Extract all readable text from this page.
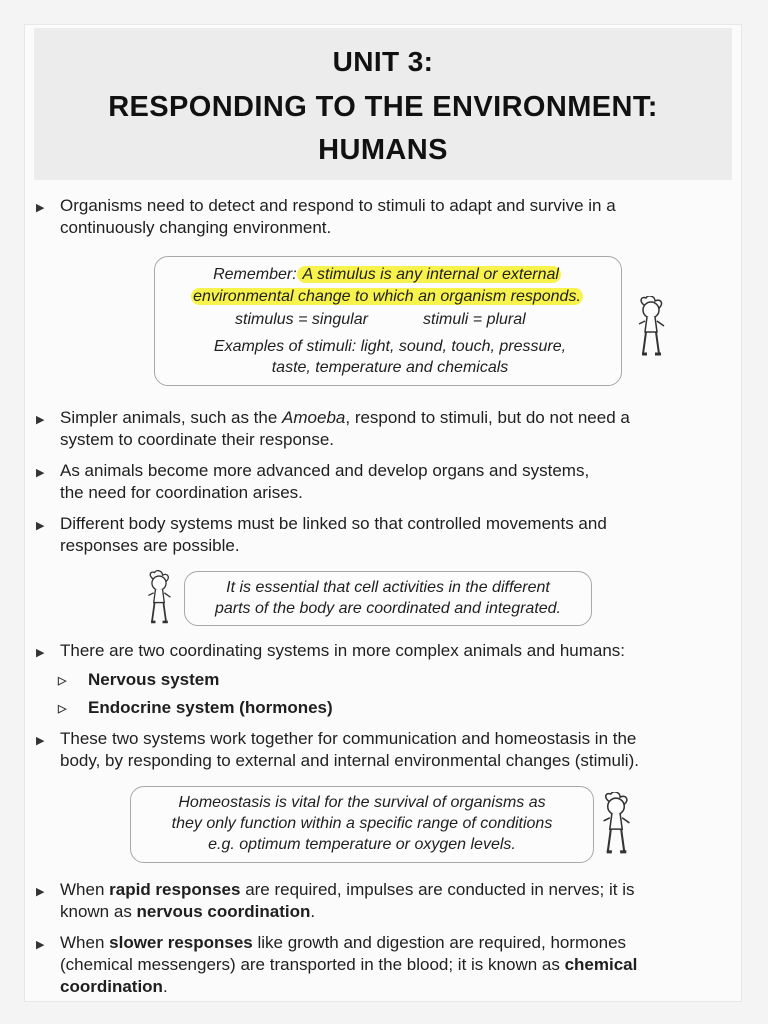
UNIT 3:
RESPONDING TO THE ENVIRONMENT:
HUMANS
▶ Organisms need to detect and respond to stimuli to adapt and survive in a
continuously changing environment.
Remember: A stimulus is any internal or external
environmental change to which an organism responds.
stimulus = singular	stimuli = plural
Examples of stimuli: light, sound, touch, pressure,
taste, temperature and chemicals
▶ Simpler animals, such as the Amoeba, respond to stimuli, but do not need a
system to coordinate their response.
▶ As animals become more advanced and develop organs and systems,
the need for coordination arises.
▶ Different body systems must be linked so that controlled movements and
responses are possible.
It is essential that cell activities in the different
parts of the body are coordinated and integrated.
▶ There are two coordinating systems in more complex animals and humans:
▷	Nervous system
▷	Endocrine system (hormones)
▶ These two systems work together for communication and homeostasis in the
body, by responding to external and internal environmental changes (stimuli).
Homeostasis is vital for the survival of organisms as
they only function within a specific range of conditions
e.g. optimum temperature or oxygen levels.
▶ When rapid responses are required, impulses are conducted in nerves; it is
known as nervous coordination.
▶ When slower responses like growth and digestion are required, hormones
(chemical messengers) are transported in the blood; it is known as chemical
coordination.
